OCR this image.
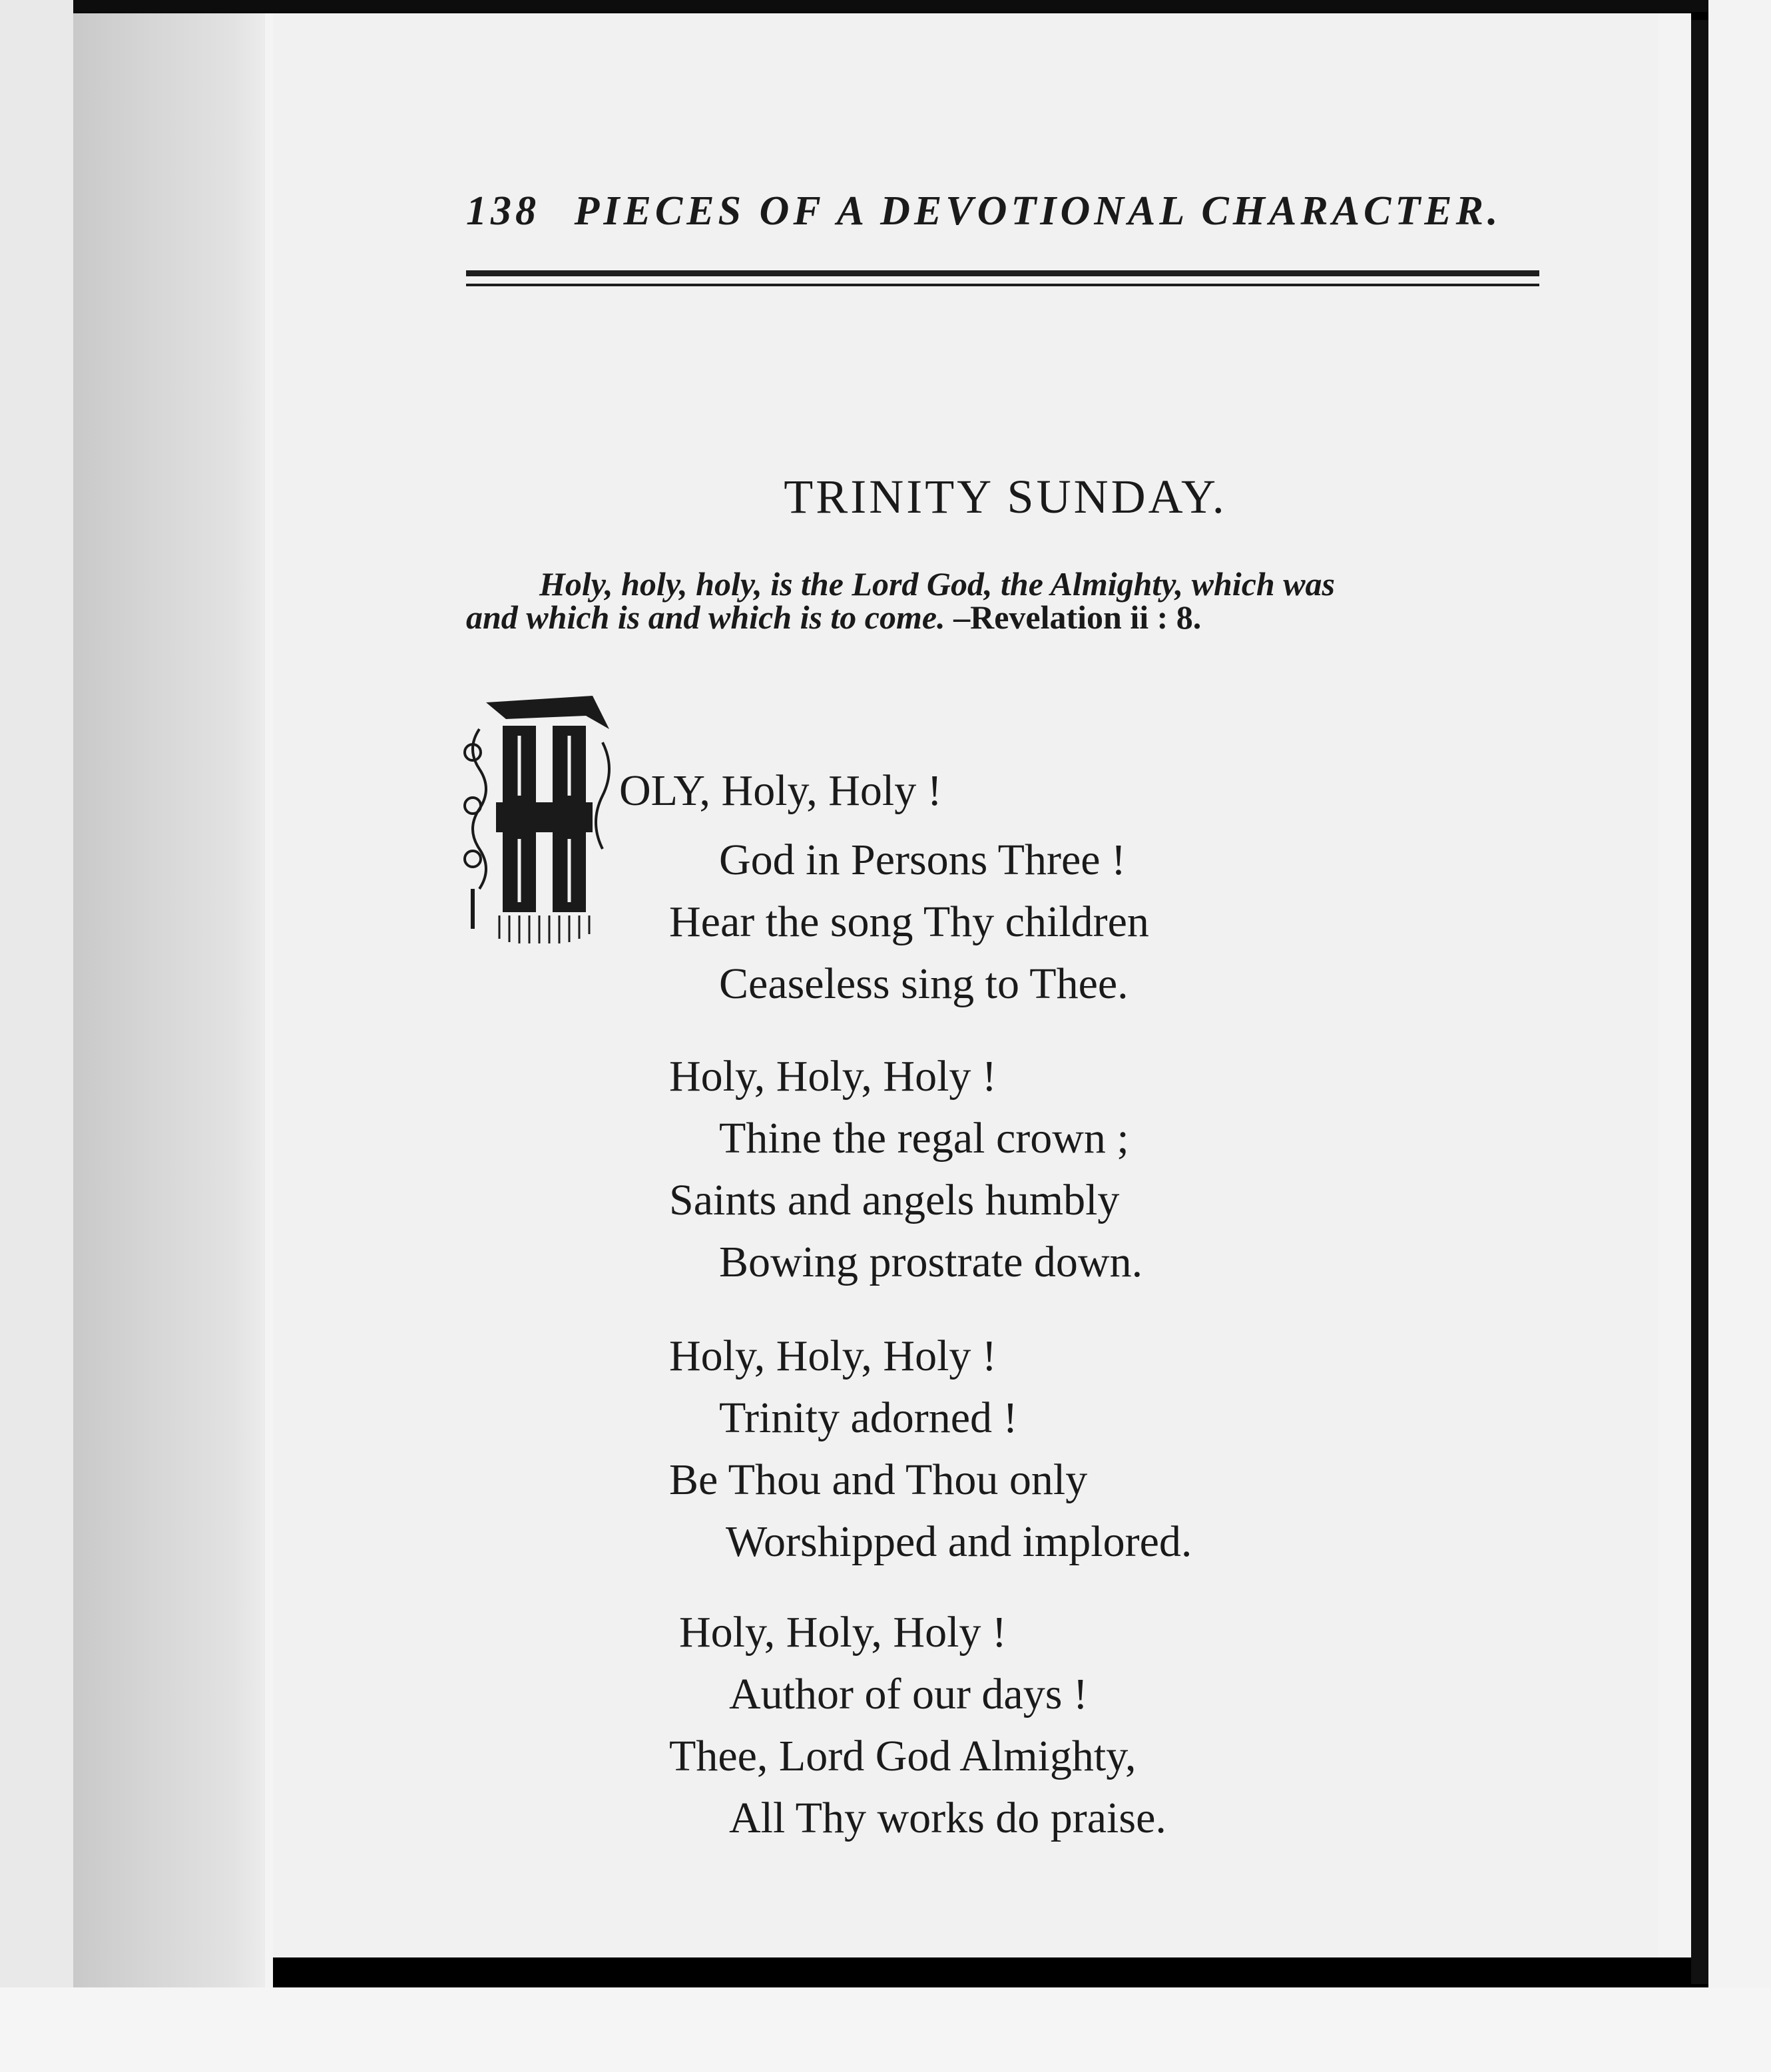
138 PIECES OF A DEVOTIONAL CHARACTER.
TRINITY SUNDAY.
Holy, holy, holy, is the Lord God, the Almighty, which was
and which is and which is to come. –Revelation ii : 8.
OLY, Holy, Holy !
God in Persons Three !
Hear the song Thy children
Ceaseless sing to Thee.
Holy, Holy, Holy !
Thine the regal crown ;
Saints and angels humbly
Bowing prostrate down.
Holy, Holy, Holy !
Trinity adorned !
Be Thou and Thou only
Worshipped and implored.
Holy, Holy, Holy !
Author of our days !
Thee, Lord God Almighty,
All Thy works do praise.
